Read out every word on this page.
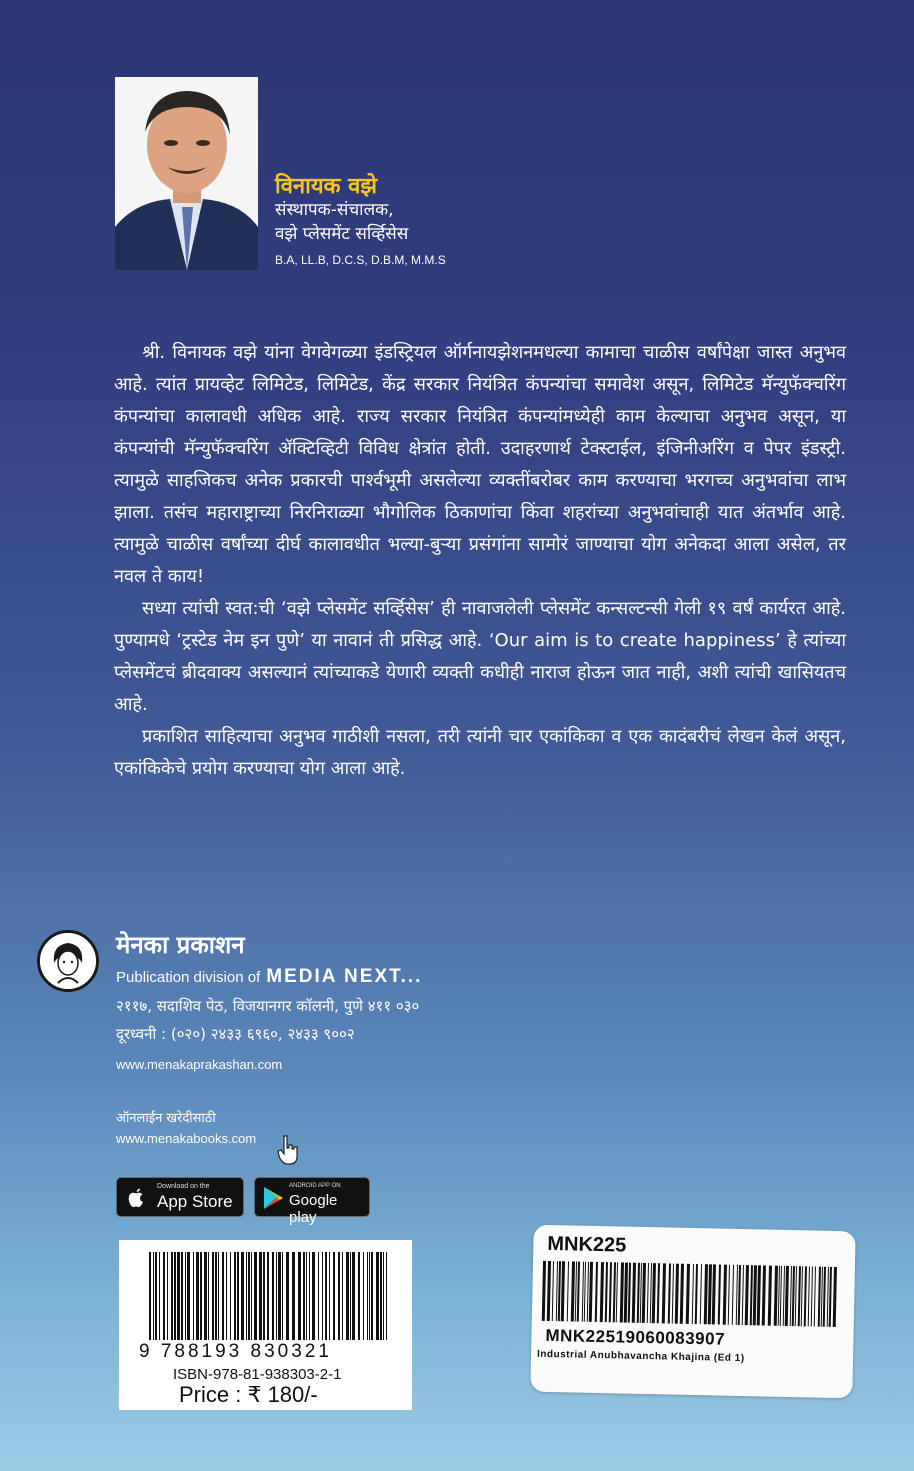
विनायक वझे
संस्थापक-संचालक,
वझे प्लेसमेंट सर्व्हिसेस
B.A, LL.B, D.C.S, D.B.M, M.M.S

श्री. विनायक वझे यांना वेगवेगळ्या इंडस्ट्रियल ऑर्गनायझेशनमधल्या कामाचा चाळीस वर्षांपेक्षा जास्त अनुभव आहे. त्यांत प्रायव्हेट लिमिटेड, लिमिटेड, केंद्र सरकार नियंत्रित कंपन्यांचा समावेश असून, लिमिटेड मॅन्युफॅक्चरिंग कंपन्यांचा कालावधी अधिक आहे. राज्य सरकार नियंत्रित कंपन्यांमध्येही काम केल्याचा अनुभव असून, या कंपन्यांची मॅन्युफॅक्चरिंग ॲक्टिव्हिटी विविध क्षेत्रांत होती. उदाहरणार्थ टेक्स्टाईल, इंजिनीअरिंग व पेपर इंडस्ट्री. त्यामुळे साहजिकच अनेक प्रकारची पार्श्वभूमी असलेल्या व्यक्तींबरोबर काम करण्याचा भरगच्च अनुभवांचा लाभ झाला. तसंच महाराष्ट्राच्या निरनिराळ्या भौगोलिक ठिकाणांचा किंवा शहरांच्या अनुभवांचाही यात अंतर्भाव आहे. त्यामुळे चाळीस वर्षांच्या दीर्घ कालावधीत भल्या-बुऱ्या प्रसंगांना सामोरं जाण्याचा योग अनेकदा आला असेल, तर नवल ते काय!

सध्या त्यांची स्वत:ची ‘वझे प्लेसमेंट सर्व्हिसेस’ ही नावाजलेली प्लेसमेंट कन्सल्टन्सी गेली १९ वर्षं कार्यरत आहे. पुण्यामधे ‘ट्रस्टेड नेम इन पुणे’ या नावानं ती प्रसिद्ध आहे. ‘Our aim is to create happiness’ हे त्यांच्या प्लेसमेंटचं ब्रीदवाक्य असल्यानं त्यांच्याकडे येणारी व्यक्ती कधीही नाराज होऊन जात नाही, अशी त्यांची खासियतच आहे.

प्रकाशित साहित्याचा अनुभव गाठीशी नसला, तरी त्यांनी चार एकांकिका व एक कादंबरीचं लेखन केलं असून, एकांकिकेचे प्रयोग करण्याचा योग आला आहे.

मेनका प्रकाशन
Publication division of MEDIA NEXT...
२११७, सदाशिव पेठ, विजयानगर कॉलनी, पुणे ४११ ०३०
दूरध्वनी : (०२०) २४३३ ६९६०, २४३३ ९००२
www.menakaprakashan.com
ऑनलाईन खरेदीसाठी
www.menakabooks.com
Download on the
App Store
ANDROID APP ON
Google play
9 788193 830321
ISBN-978-81-938303-2-1
Price : ₹ 180/-
MNK225
MNK22519060083907
Industrial Anubhavancha Khajina (Ed 1)
